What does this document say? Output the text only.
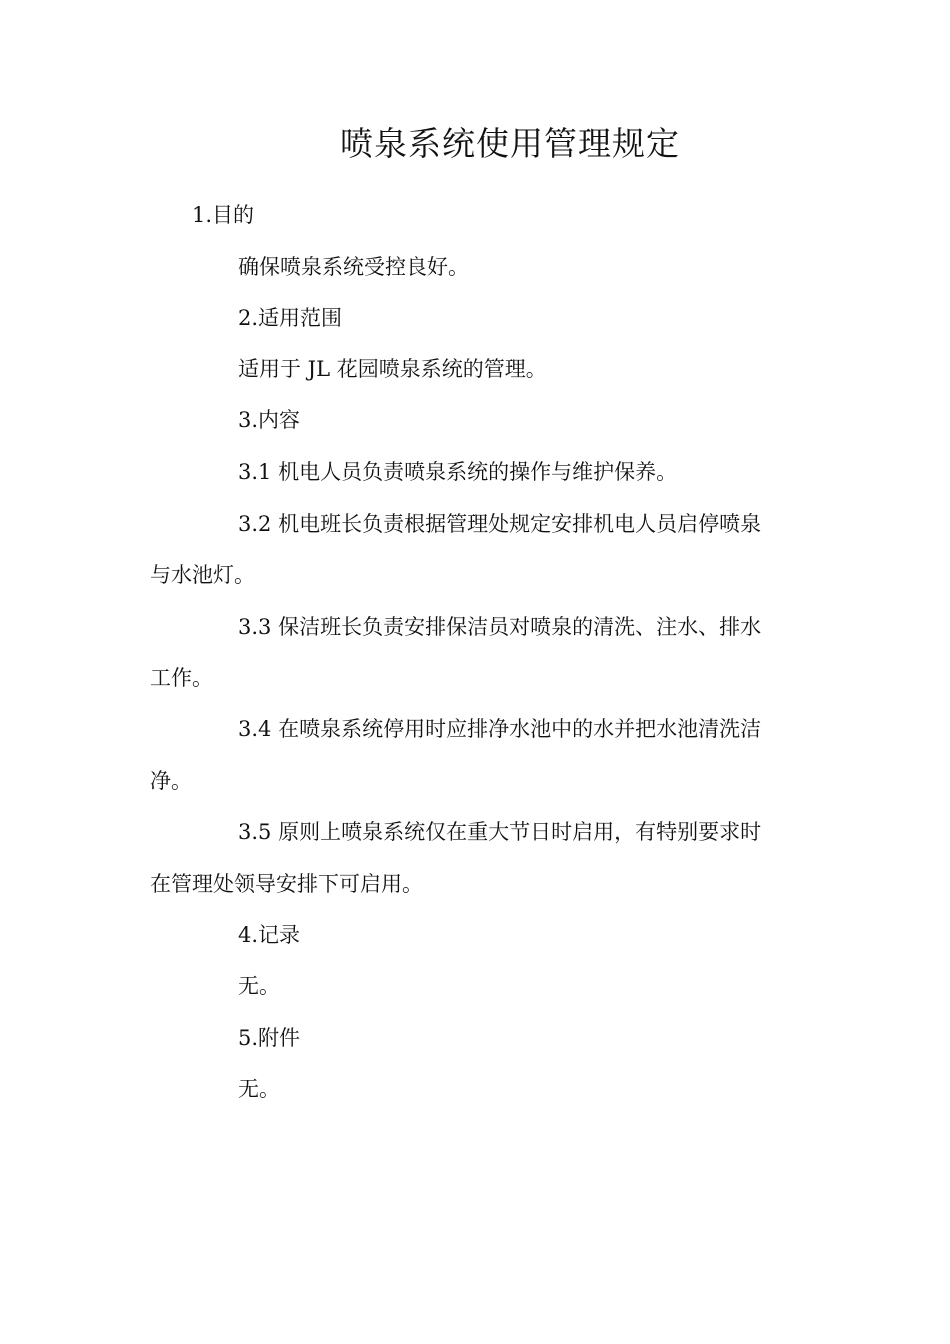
喷泉系统使用管理规定
1.目的
确保喷泉系统受控良好。
2.适用范围
适用于 JL 花园喷泉系统的管理。
3.内容
3.1 机电人员负责喷泉系统的操作与维护保养。
3.2 机电班长负责根据管理处规定安排机电人员启停喷泉
与水池灯。
3.3 保洁班长负责安排保洁员对喷泉的清洗、注水、排水
工作。
3.4 在喷泉系统停用时应排净水池中的水并把水池清洗洁
净。
3.5 原则上喷泉系统仅在重大节日时启用，有特别要求时
在管理处领导安排下可启用。
4.记录
无。
5.附件
无。
